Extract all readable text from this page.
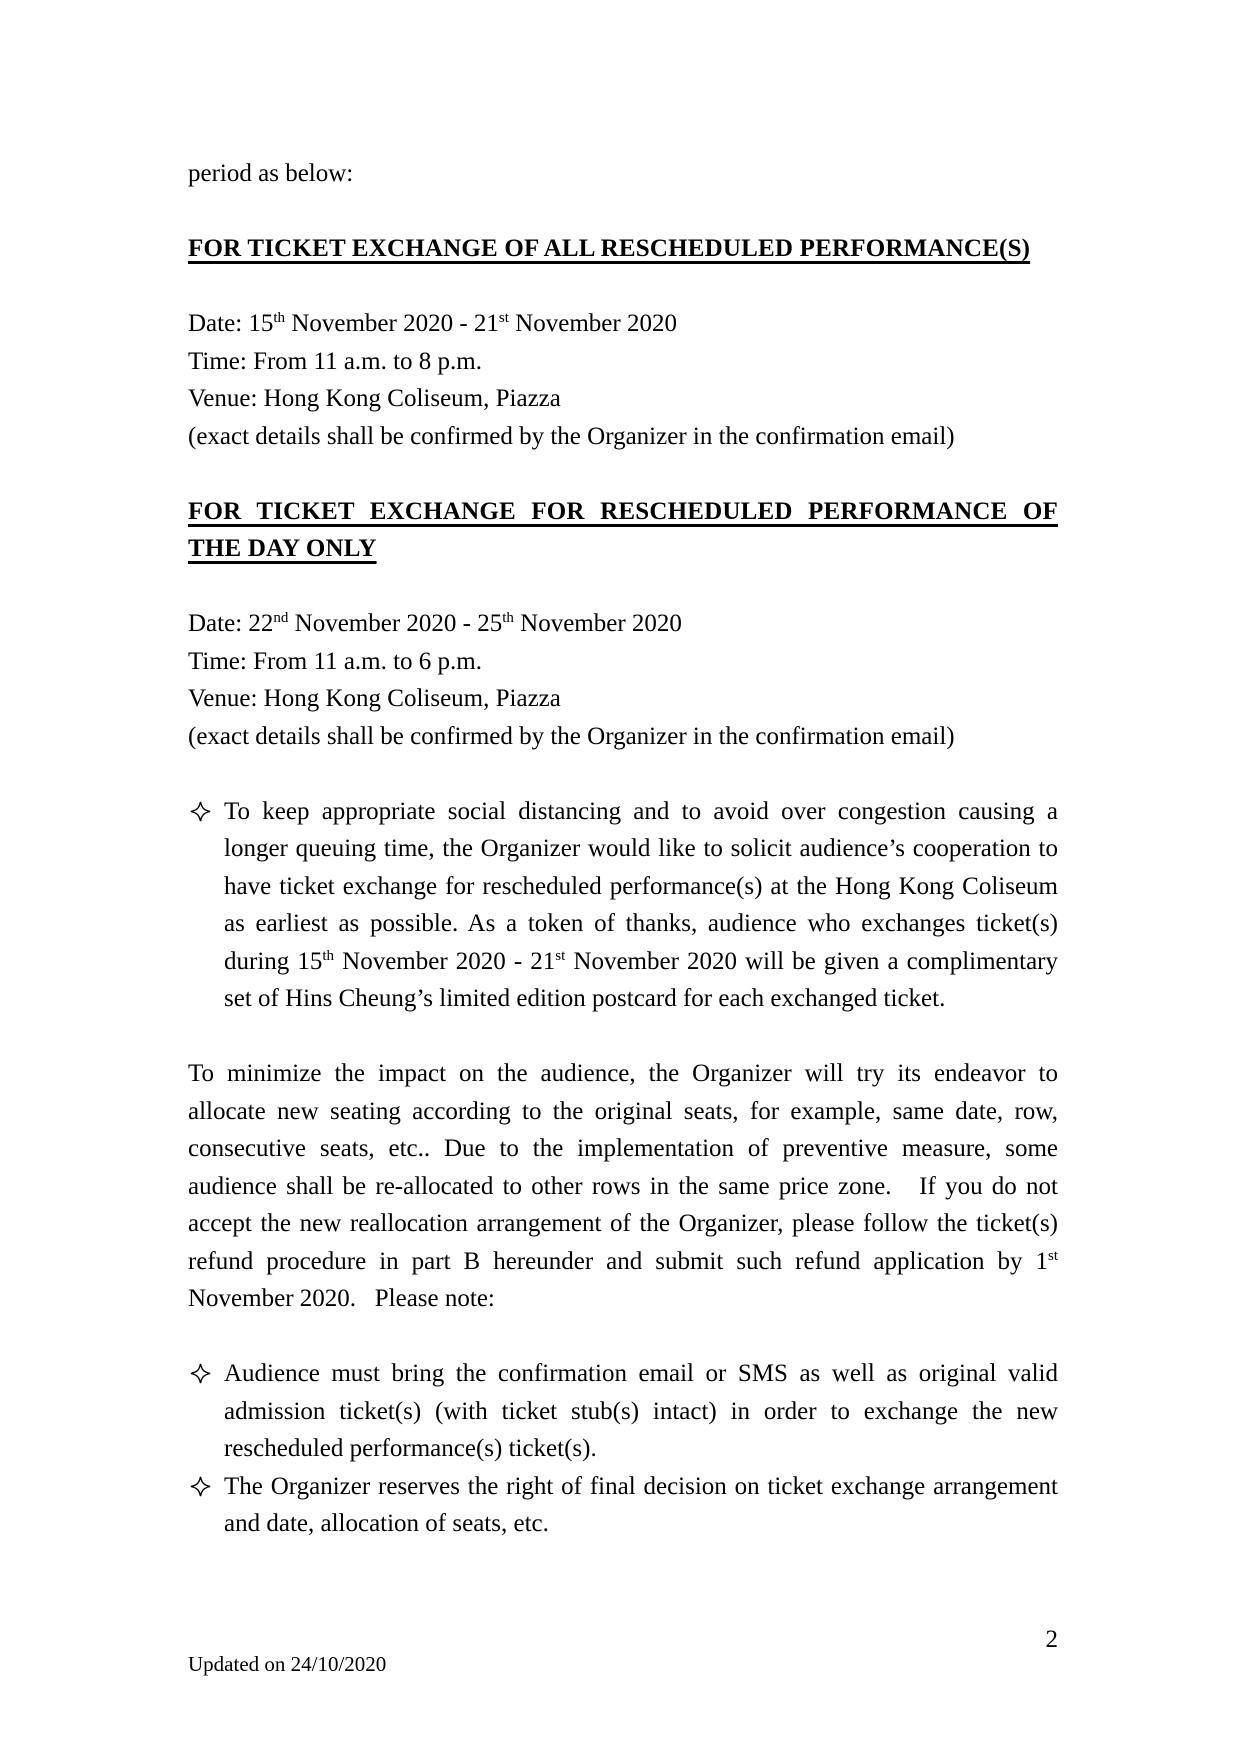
period as below:
FOR TICKET EXCHANGE OF ALL RESCHEDULED PERFORMANCE(S)
Date: 15th November 2020 - 21st November 2020
Time: From 11 a.m. to 8 p.m.
Venue: Hong Kong Coliseum, Piazza
(exact details shall be confirmed by the Organizer in the confirmation email)
FOR TICKET EXCHANGE FOR RESCHEDULED PERFORMANCE OF
THE DAY ONLY
Date: 22nd November 2020 - 25th November 2020
Time: From 11 a.m. to 6 p.m.
Venue: Hong Kong Coliseum, Piazza
(exact details shall be confirmed by the Organizer in the confirmation email)
To keep appropriate social distancing and to avoid over congestion causing a
longer queuing time, the Organizer would like to solicit audience’s cooperation to
have ticket exchange for rescheduled performance(s) at the Hong Kong Coliseum
as earliest as possible. As a token of thanks, audience who exchanges ticket(s)
during 15th November 2020 - 21st November 2020 will be given a complimentary
set of Hins Cheung’s limited edition postcard for each exchanged ticket.
To minimize the impact on the audience, the Organizer will try its endeavor to
allocate new seating according to the original seats, for example, same date, row,
consecutive seats, etc.. Due to the implementation of preventive measure, some
audience shall be re-allocated to other rows in the same price zone.   If you do not
accept the new reallocation arrangement of the Organizer, please follow the ticket(s)
refund procedure in part B hereunder and submit such refund application by 1st
November 2020.   Please note:
Audience must bring the confirmation email or SMS as well as original valid
admission ticket(s) (with ticket stub(s) intact) in order to exchange the new
rescheduled performance(s) ticket(s).
The Organizer reserves the right of final decision on ticket exchange arrangement
and date, allocation of seats, etc.
2
Updated on 24/10/2020
